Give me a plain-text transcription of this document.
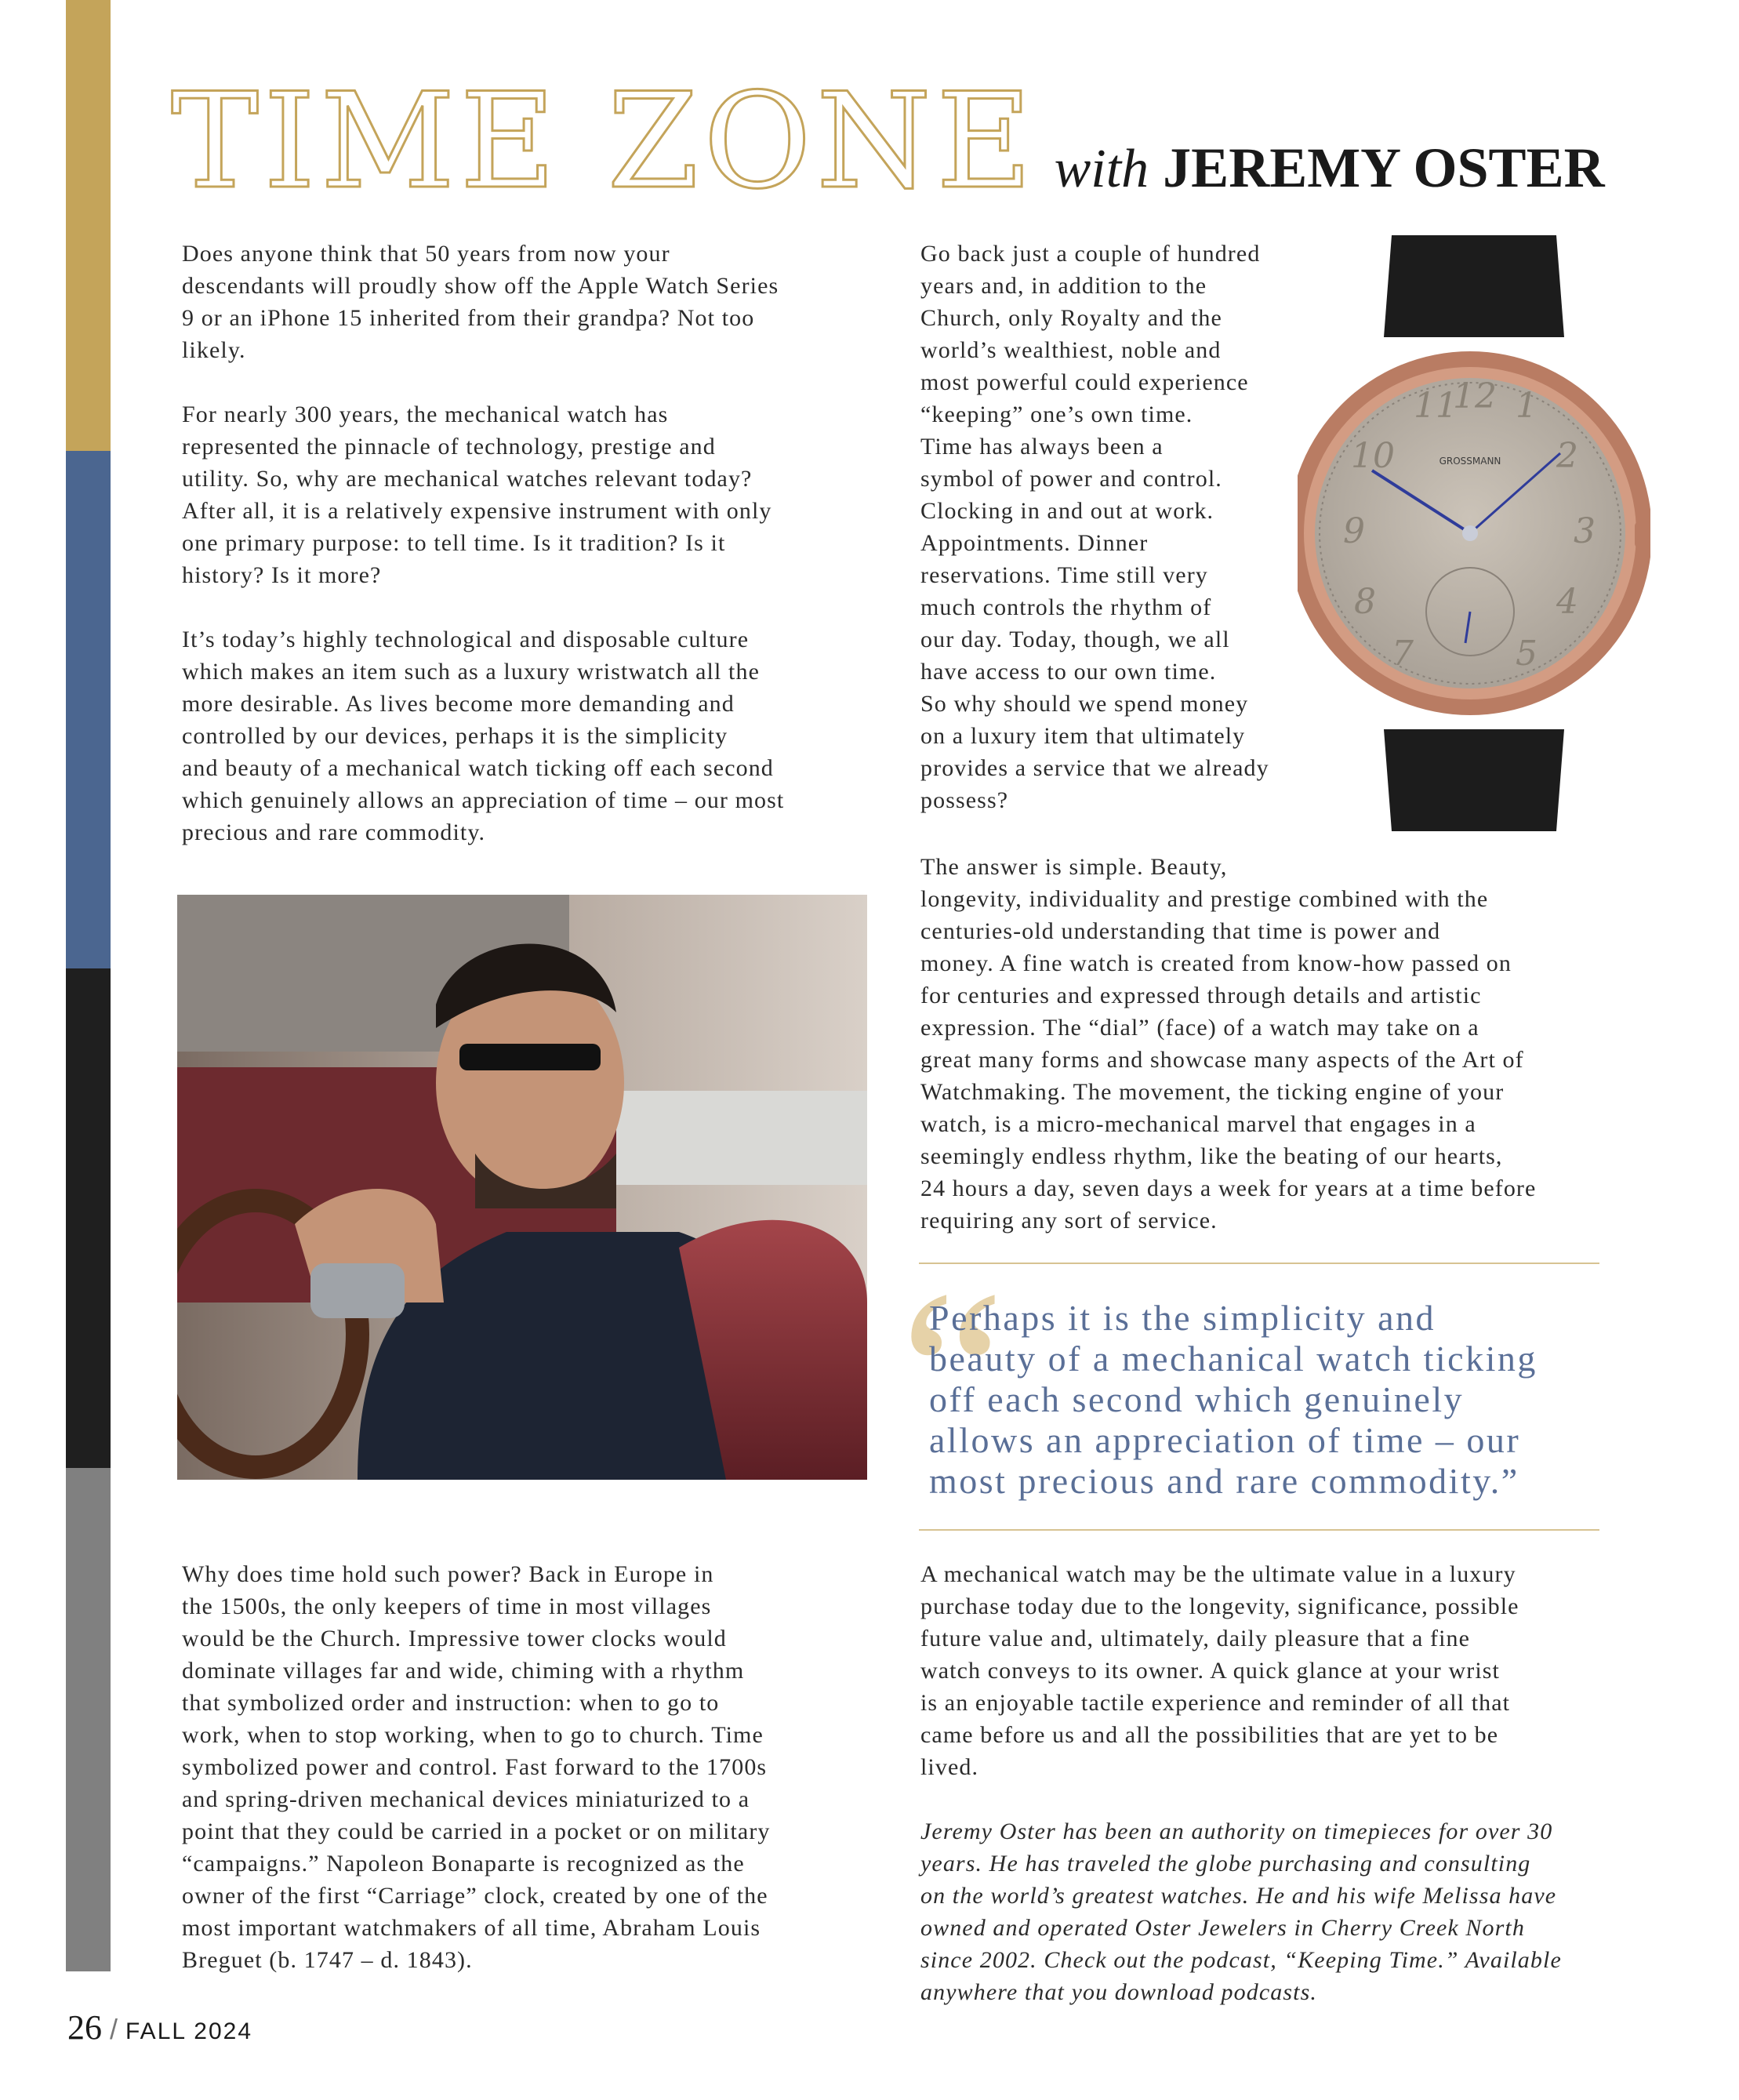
TIME ZONE with JEREMY OSTER
Does anyone think that 50 years from now your
descendants will proudly show off the Apple Watch Series
9 or an iPhone 15 inherited from their grandpa? Not too
likely.
For nearly 300 years, the mechanical watch has
represented the pinnacle of technology, prestige and
utility. So, why are mechanical watches relevant today?
After all, it is a relatively expensive instrument with only
one primary purpose: to tell time. Is it tradition? Is it
history? Is it more?
It’s today’s highly technological and disposable culture
which makes an item such as a luxury wristwatch all the
more desirable. As lives become more demanding and
controlled by our devices, perhaps it is the simplicity
and beauty of a mechanical watch ticking off each second
which genuinely allows an appreciation of time – our most
precious and rare commodity.
Why does time hold such power? Back in Europe in
the 1500s, the only keepers of time in most villages
would be the Church. Impressive tower clocks would
dominate villages far and wide, chiming with a rhythm
that symbolized order and instruction: when to go to
work, when to stop working, when to go to church. Time
symbolized power and control. Fast forward to the 1700s
and spring-driven mechanical devices miniaturized to a
point that they could be carried in a pocket or on military
“campaigns.” Napoleon Bonaparte is recognized as the
owner of the first “Carriage” clock, created by one of the
most important watchmakers of all time, Abraham Louis
Breguet (b. 1747 – d. 1843).
Go back just a couple of hundred
years and, in addition to the
Church, only Royalty and the
world’s wealthiest, noble and
most powerful could experience
“keeping” one’s own time.
Time has always been a
symbol of power and control.
Clocking in and out at work.
Appointments. Dinner
reservations. Time still very
much controls the rhythm of
our day. Today, though, we all
have access to our own time.
So why should we spend money
on a luxury item that ultimately
provides a service that we already
possess?
11
12 1
2
3
4
5
7
8
9
10	GROSSMANN
The answer is simple. Beauty,
longevity, individuality and prestige combined with the
centuries-old understanding that time is power and
money. A fine watch is created from know-how passed on
for centuries and expressed through details and artistic
expression. The “dial” (face) of a watch may take on a
great many forms and showcase many aspects of the Art of
Watchmaking. The movement, the ticking engine of your
watch, is a micro-mechanical marvel that engages in a
seemingly endless rhythm, like the beating of our hearts,
24 hours a day, seven days a week for years at a time before
requiring any sort of service.
“
Perhaps it is the simplicity and
beauty of a mechanical watch ticking
off each second which genuinely
allows an appreciation of time – our
most precious and rare commodity.”
A mechanical watch may be the ultimate value in a luxury
purchase today due to the longevity, significance, possible
future value and, ultimately, daily pleasure that a fine
watch conveys to its owner. A quick glance at your wrist
is an enjoyable tactile experience and reminder of all that
came before us and all the possibilities that are yet to be
lived.
Jeremy Oster has been an authority on timepieces for over 30
years. He has traveled the globe purchasing and consulting
on the world’s greatest watches. He and his wife Melissa have
owned and operated Oster Jewelers in Cherry Creek North
since 2002. Check out the podcast, “Keeping Time.” Available
anywhere that you download podcasts.
26 / FALL 2024
